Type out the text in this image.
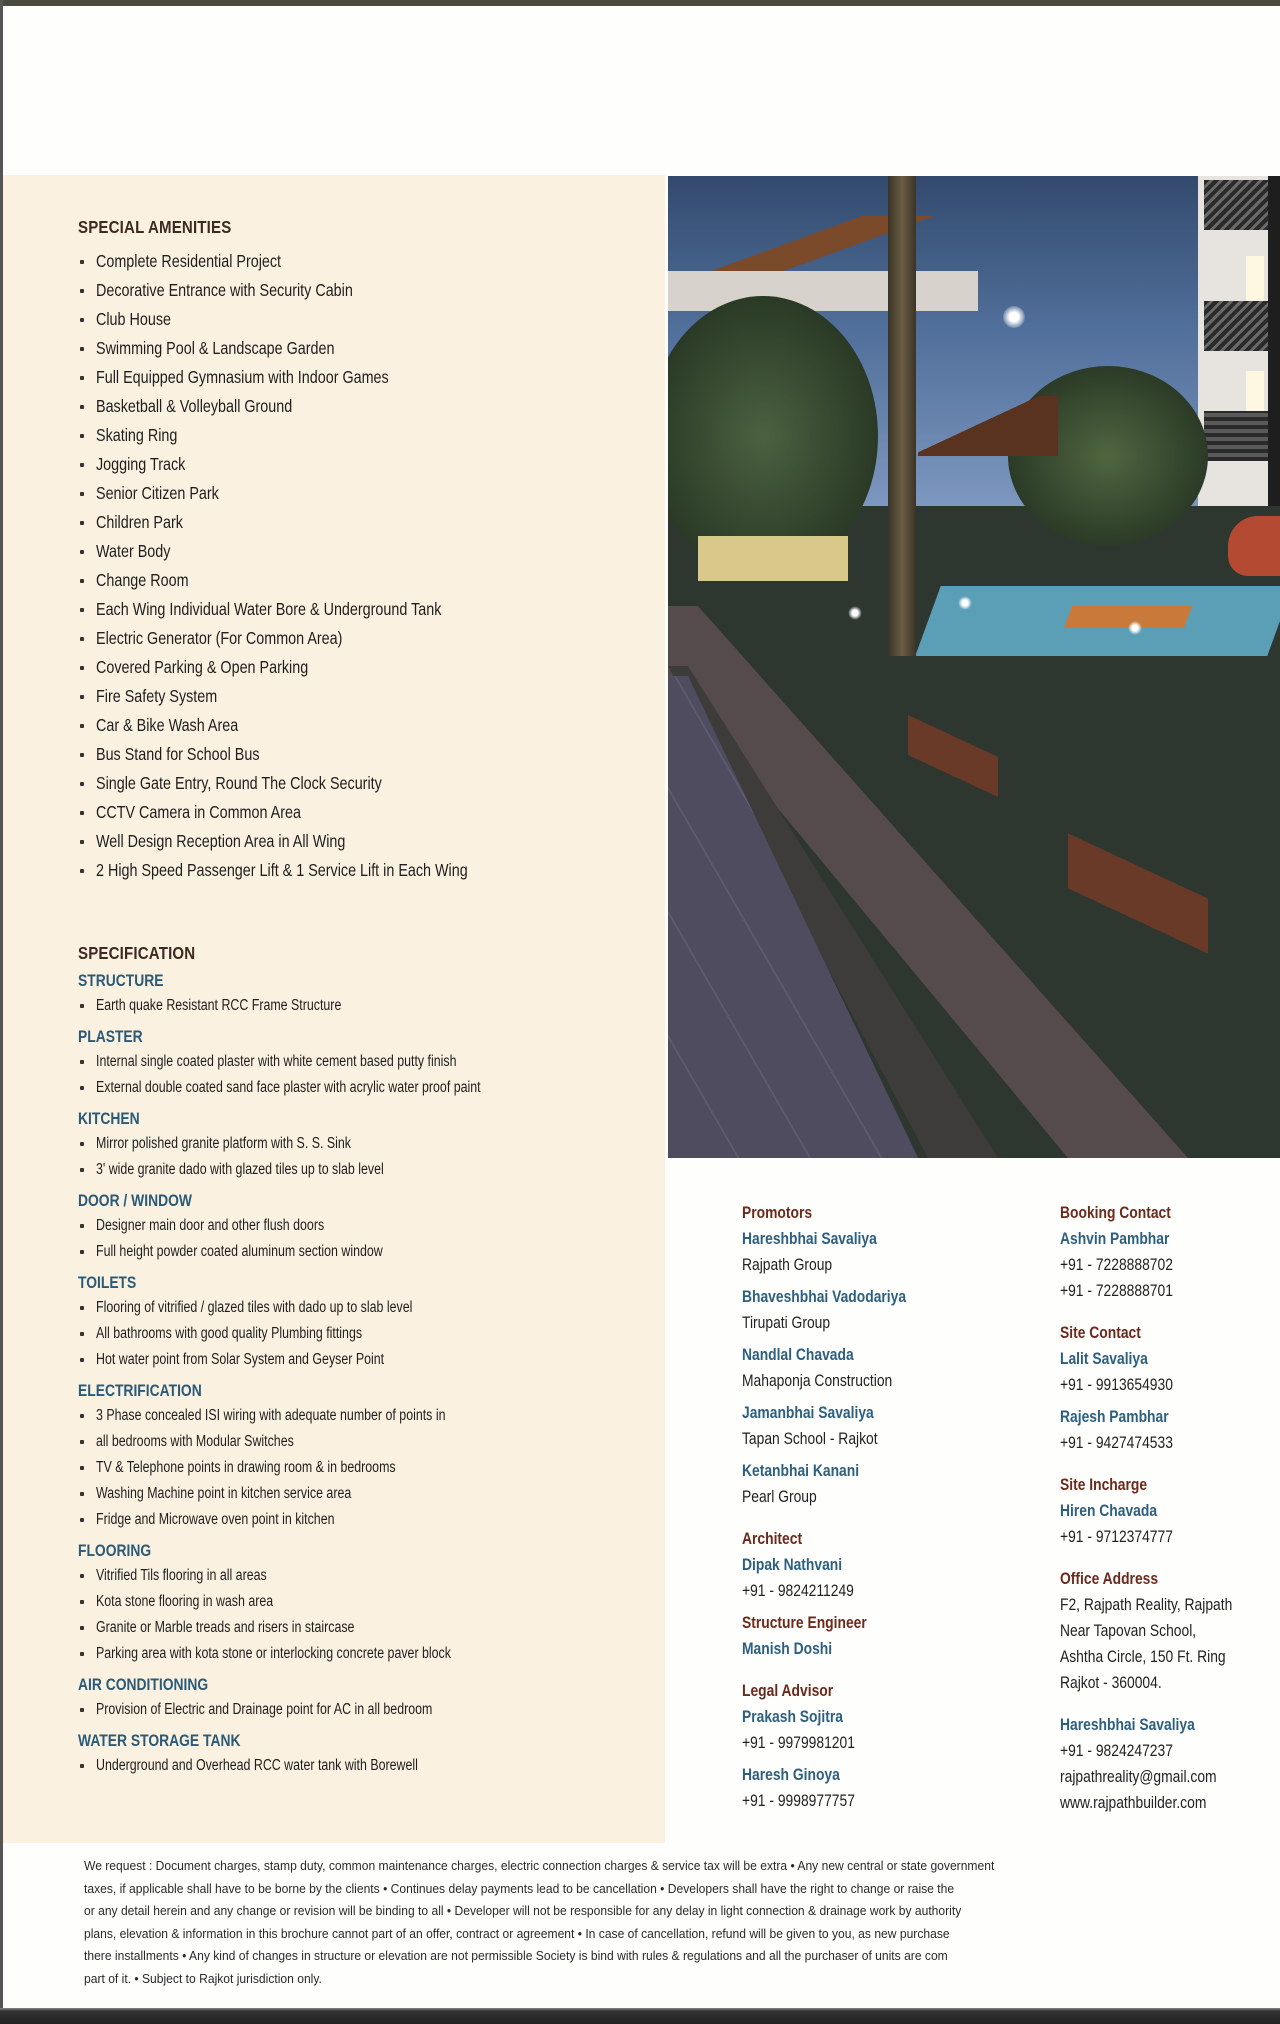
SPECIAL AMENITIES
Complete Residential Project
Decorative Entrance with Security Cabin
Club House
Swimming Pool & Landscape Garden
Full Equipped Gymnasium with Indoor Games
Basketball & Volleyball Ground
Skating Ring
Jogging Track
Senior Citizen Park
Children Park
Water Body
Change Room
Each Wing Individual Water Bore & Underground Tank
Electric Generator (For Common Area)
Covered Parking & Open Parking
Fire Safety System
Car & Bike Wash Area
Bus Stand for School Bus
Single Gate Entry, Round The Clock Security
CCTV Camera in Common Area
Well Design Reception Area in All Wing
2 High Speed Passenger Lift & 1 Service Lift in Each Wing
SPECIFICATION
STRUCTURE
Earth quake Resistant RCC Frame Structure
PLASTER
Internal single coated plaster with white cement based putty finish
External double coated sand face plaster with acrylic water proof paint
KITCHEN
Mirror polished granite platform with S. S. Sink
3' wide granite dado with glazed tiles up to slab level
DOOR / WINDOW
Designer main door and other flush doors
Full height powder coated aluminum section window
TOILETS
Flooring of vitrified / glazed tiles with dado up to slab level
All bathrooms with good quality Plumbing fittings
Hot water point from Solar System and Geyser Point
ELECTRIFICATION
3 Phase concealed ISI wiring with adequate number of points in
all bedrooms with Modular Switches
TV & Telephone points in drawing room & in bedrooms
Washing Machine point in kitchen service area
Fridge and Microwave oven point in kitchen
FLOORING
Vitrified Tils flooring in all areas
Kota stone flooring in wash area
Granite or Marble treads and risers in staircase
Parking area with kota stone or interlocking concrete paver block
AIR CONDITIONING
Provision of Electric and Drainage point for AC in all bedroom
WATER STORAGE TANK
Underground and Overhead RCC water tank with Borewell
Promotors
Hareshbhai Savaliya
Rajpath Group
Bhaveshbhai Vadodariya
Tirupati Group
Nandlal Chavada
Mahaponja Construction
Jamanbhai Savaliya
Tapan School - Rajkot
Ketanbhai Kanani
Pearl Group
Architect
Dipak Nathvani
+91 - 9824211249
Structure Engineer
Manish Doshi
Legal Advisor
Prakash Sojitra
+91 - 9979981201
Haresh Ginoya
+91 - 9998977757
Booking Contact
Ashvin Pambhar
+91 - 7228888702
+91 - 7228888701
Site Contact
Lalit Savaliya
+91 - 9913654930
Rajesh Pambhar
+91 - 9427474533
Site Incharge
Hiren Chavada
+91 - 9712374777
Office Address
F2, Rajpath Reality, Rajpath
Near Tapovan School,
Ashtha Circle, 150 Ft. Ring
Rajkot - 360004.
Hareshbhai Savaliya
+91 - 9824247237
rajpathreality@gmail.com
www.rajpathbuilder.com
We request : Document charges, stamp duty, common maintenance charges, electric connection charges & service tax will be extra • Any new central or state government
taxes, if applicable shall have to be borne by the clients • Continues delay payments lead to be cancellation • Developers shall have the right to change or raise the
or any detail herein and any change or revision will be binding to all • Developer will not be responsible for any delay in light connection & drainage work by authority
plans, elevation & information in this brochure cannot part of an offer, contract or agreement • In case of cancellation, refund will be given to you, as new purchase
there installments • Any kind of changes in structure or elevation are not permissible Society is bind with rules & regulations and all the purchaser of units are com
part of it. • Subject to Rajkot jurisdiction only.
